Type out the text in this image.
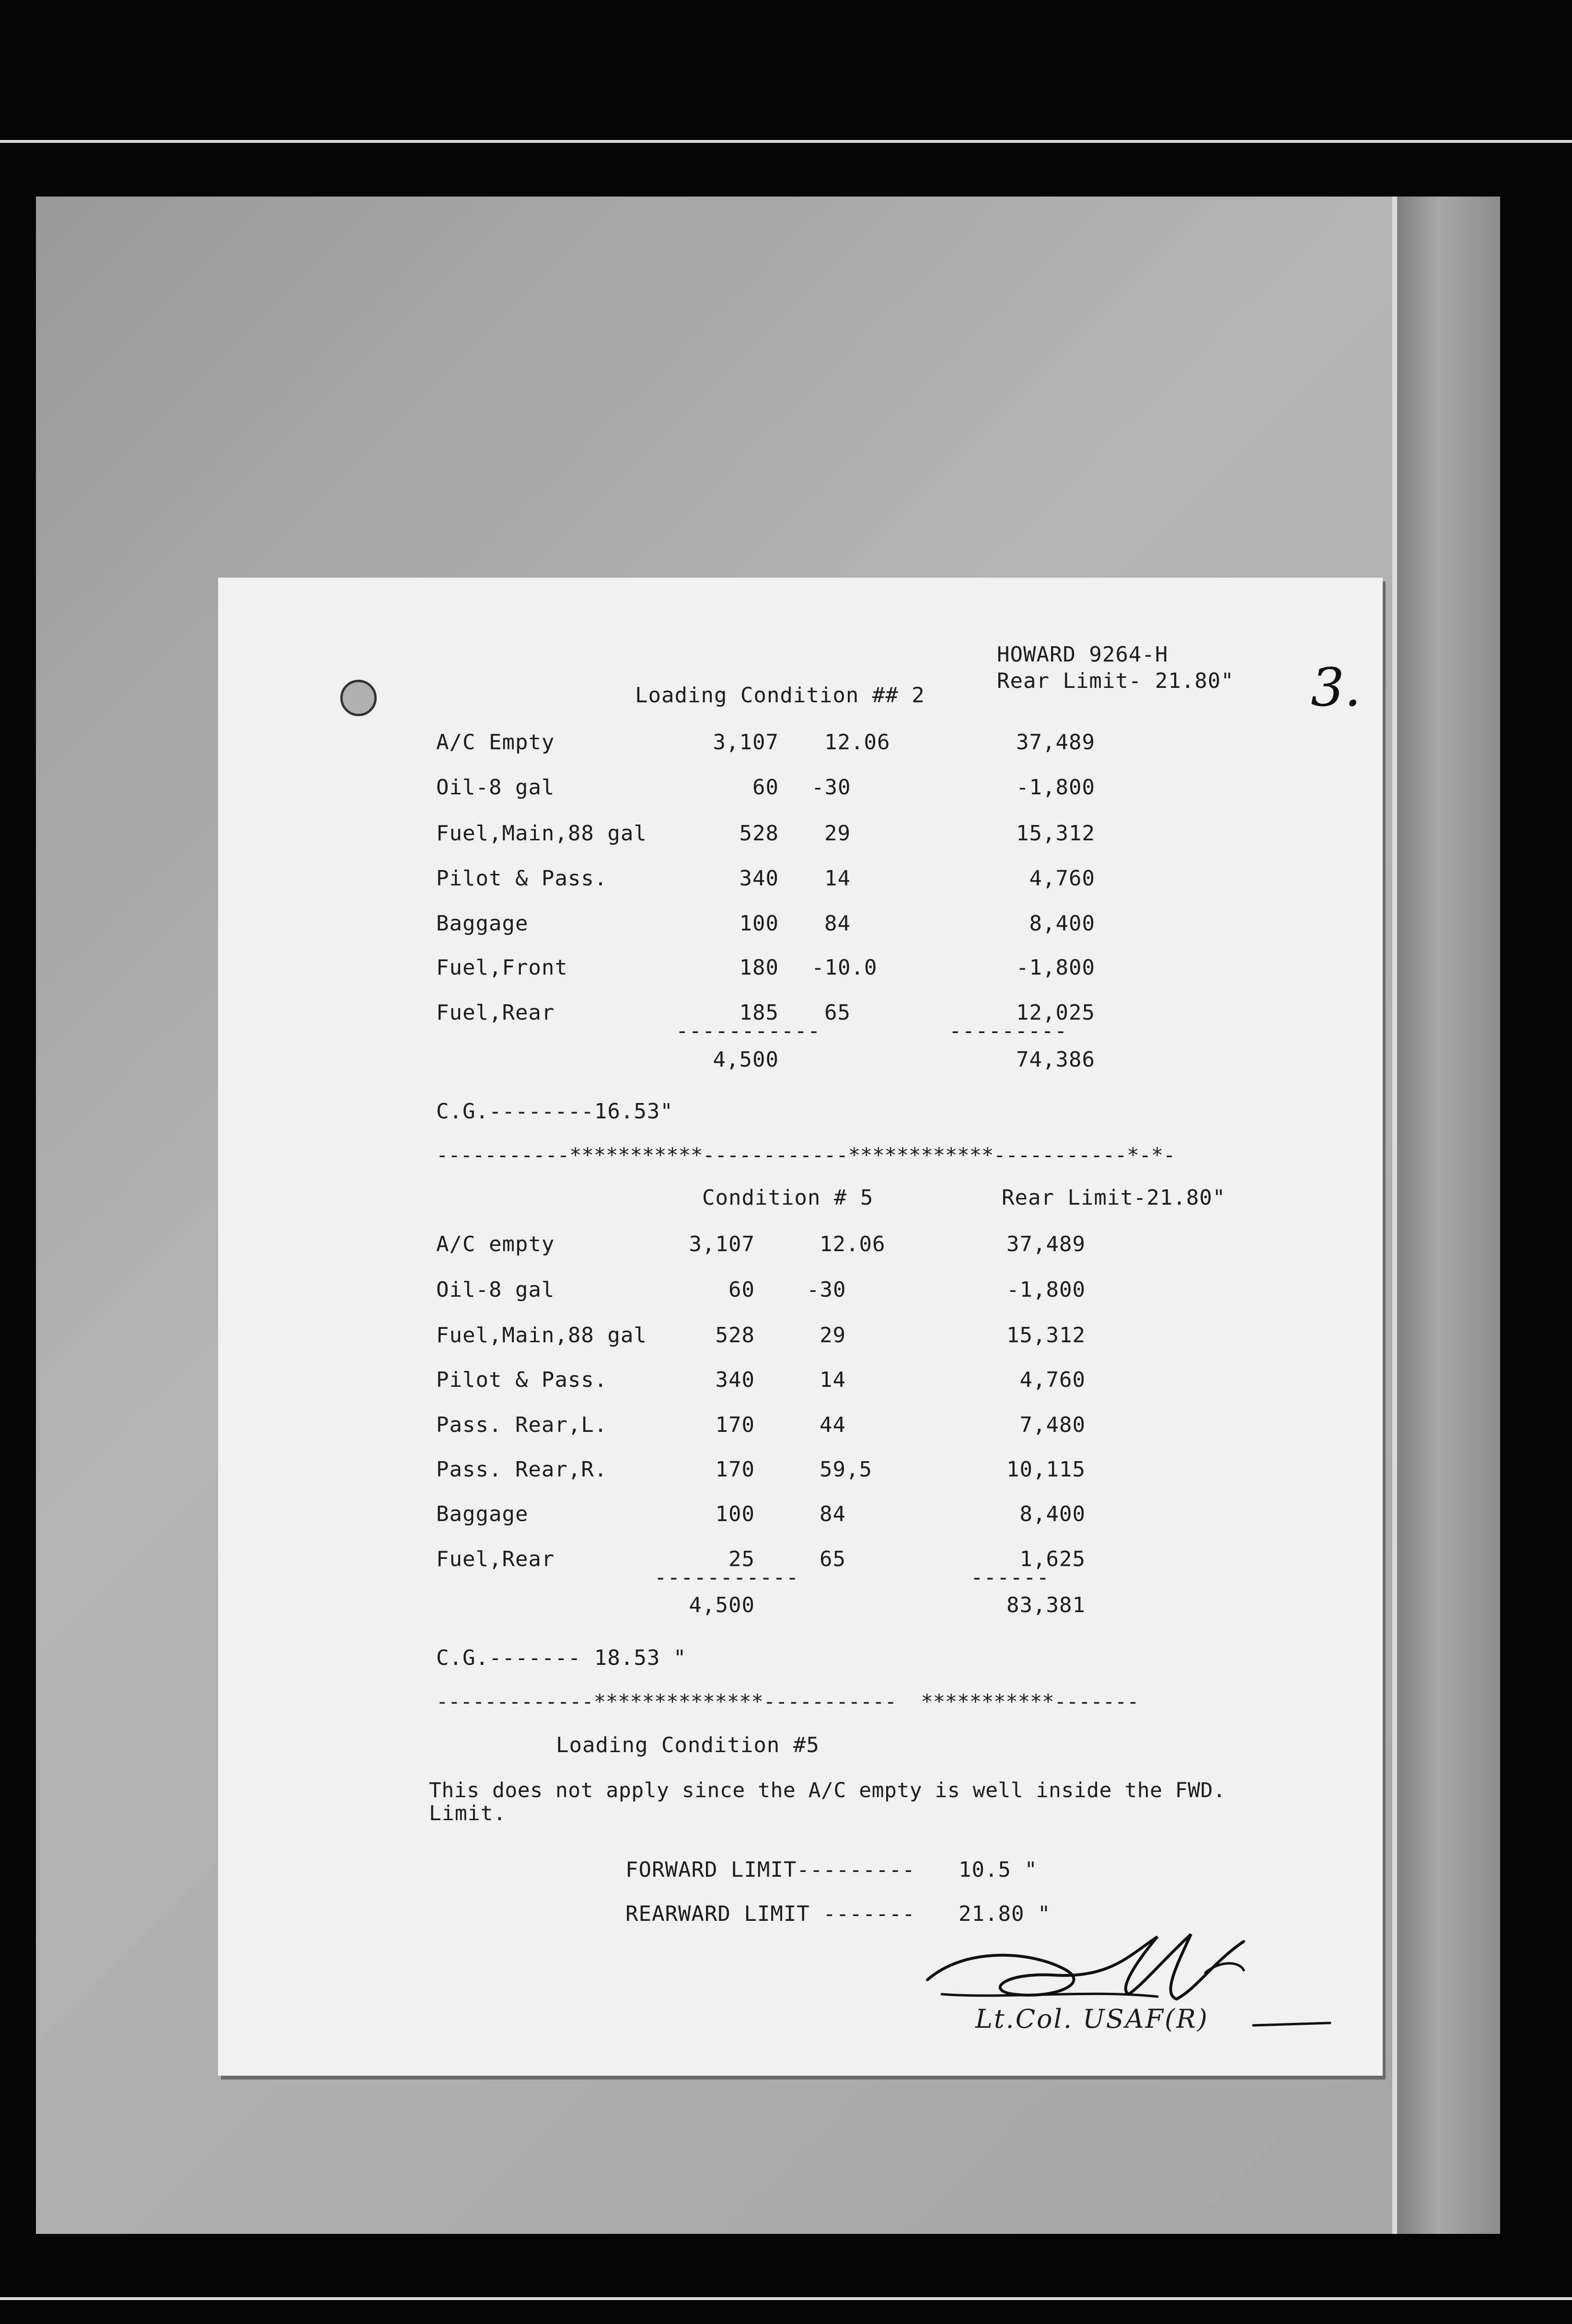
HOWARD 9264-H
Rear Limit- 21.80" 3.
Loading Condition ## 2
A/C Empty	3,107 12.06	37,489
Oil-8 gal	60 -30	-1,800
Fuel,Main,88 gal	528 29	15,312
Pilot & Pass.	340 14	4,760
Baggage	100 84	8,400
Fuel,Front	180 -10.0	-1,800
Fuel,Rear	185 65	12,025
-----------	---------
4,500	74,386
C.G.--------16.53"
-----------***********------------************-----------*-*-
Condition # 5	Rear Limit-21.80"
A/C empty	3,107	12.06	37,489
Oil-8 gal	60 -30	-1,800
Fuel,Main,88 gal	528	29	15,312
Pilot & Pass.	340	14	4,760
Pass. Rear,L.	170	44	7,480
Pass. Rear,R.	170	59,5	10,115
Baggage	100	84	8,400
Fuel,Rear	25	65	1,625
-----------	------
4,500	83,381
C.G.------- 18.53 "
-------------**************-----------  ***********-------
Loading Condition #5
This does not apply since the A/C empty is well inside the FWD.
Limit.
FORWARD LIMIT--------- 10.5 "
REARWARD LIMIT ------- 21.80 "
Lt.Col. USAF(R)
